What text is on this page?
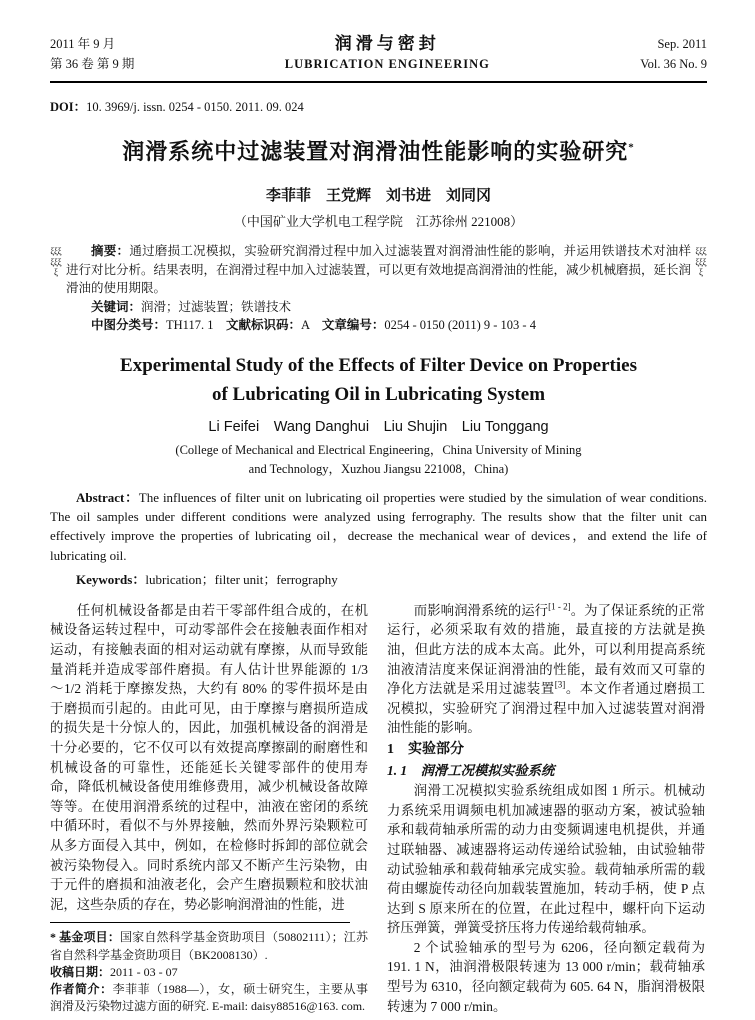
2011 年 9 月
第 36 卷 第 9 期
润滑与密封
LUBRICATION ENGINEERING
Sep. 2011
Vol. 36 No. 9
DOI：10. 3969/j. issn. 0254 - 0150. 2011. 09. 024
润滑系统中过滤装置对润滑油性能影响的实验研究*
李菲菲　王党辉　刘书进　刘同冈
（中国矿业大学机电工程学院　江苏徐州 221008）
ξξξξξξξ

摘要：通过磨损工况模拟，实验研究润滑过程中加入过滤装置对润滑油性能的影响，并运用铁谱技术对油样进行对比分析。结果表明，在润滑过程中加入过滤装置，可以更有效地提高润滑油的性能，减少机械磨损，延长润滑油的使用期限。

关键词：润滑；过滤装置；铁谱技术

中图分类号：TH117. 1　文献标识码：A　文章编号：0254 - 0150 (2011) 9 - 103 - 4

ξξξξξξξ
Experimental Study of the Effects of Filter Device on Properties
of Lubricating Oil in Lubricating System
Li Feifei　Wang Danghui　Liu Shujin　Liu Tonggang
(College of Mechanical and Electrical Engineering，China University of Mining
and Technology，Xuzhou Jiangsu 221008，China)
Abstract：The influences of filter unit on lubricating oil properties were studied by the simulation of wear conditions. The oil samples under different conditions were analyzed using ferrography. The results show that the filter unit can effectively improve the properties of lubricating oil，decrease the mechanical wear of devices，and extend the life of lubricating oil.
Keywords：lubrication；filter unit；ferrography

任何机械设备都是由若干零部件组合成的，在机械设备运转过程中，可动零部件会在接触表面作相对运动，有接触表面的相对运动就有摩擦，从而导致能量消耗并造成零部件磨损。有人估计世界能源的 1/3 ～1/2 消耗于摩擦发热，大约有 80% 的零件损坏是由于磨损而引起的。由此可见，由于摩擦与磨损所造成的损失是十分惊人的，因此，加强机械设备的润滑是十分必要的，它不仅可以有效提高摩擦副的耐磨性和机械设备的可靠性，还能延长关键零部件的使用寿命，降低机械设备使用维修费用，减少机械设备故障等等。在使用润滑系统的过程中，油液在密闭的系统中循环时，看似不与外界接触，然而外界污染颗粒可从多方面侵入其中，例如，在检修时拆卸的部位就会被污染物侵入。同时系统内部又不断产生污染物，由于元件的磨损和油液老化，会产生磨损颗粒和胶状油泥，这些杂质的存在，势必影响润滑油的性能，进

* 基金项目：国家自然科学基金资助项目（50802111）；江苏省自然科学基金资助项目（BK2008130）.
收稿日期：2011 - 03 - 07
作者简介：李菲菲（1988—），女，硕士研究生，主要从事润滑及污染物过滤方面的研究. E-mail: daisy88516@163. com.

而影响润滑系统的运行[1 - 2]。为了保证系统的正常运行，必须采取有效的措施，最直接的方法就是换油，但此方法的成本太高。此外，可以利用提高系统油液清洁度来保证润滑油的性能，最有效而又可靠的净化方法就是采用过滤装置[3]。本文作者通过磨损工况模拟，实验研究了润滑过程中加入过滤装置对润滑油性能的影响。

1　实验部分
1. 1　润滑工况模拟实验系统

润滑工况模拟实验系统组成如图 1 所示。机械动力系统采用调频电机加减速器的驱动方案，被试验轴承和载荷轴承所需的动力由变频调速电机提供，并通过联轴器、减速器将运动传递给试验轴，由试验轴带动试验轴承和载荷轴承完成实验。载荷轴承所需的载荷由螺旋传动径向加载装置施加，转动手柄，使 P 点达到 S 原来所在的位置，在此过程中，螺杆向下运动挤压弹簧，弹簧受挤压将力传递给载荷轴承。

2 个试验轴承的型号为 6206，径向额定载荷为 191. 1 N，油润滑极限转速为 13 000 r/min；载荷轴承型号为 6310，径向额定载荷为 605. 64 N，脂润滑极限转速为 7 000 r/min。
